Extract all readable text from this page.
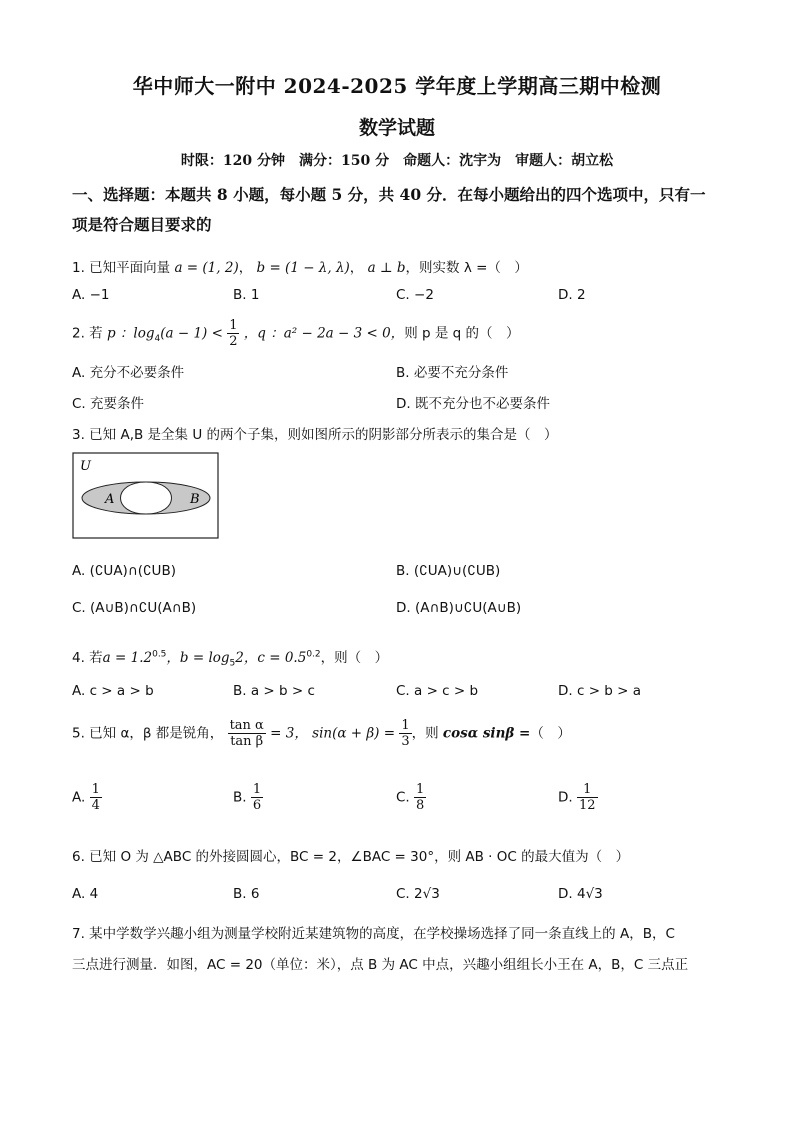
华中师大一附中 2024-2025 学年度上学期高三期中检测
数学试题
时限：120 分钟　满分：150 分　命题人：沈宇为　审题人：胡立松
一、选择题：本题共 8 小题，每小题 5 分，共 40 分．在每小题给出的四个选项中，只有一
项是符合题目要求的
1. 已知平面向量 a = (1, 2)， b = (1 − λ, λ)， a ⊥ b，则实数 λ =（　）
A. −1	B. 1	C. −2	D. 2
2. 若 p ：$\log_4(a - 1) < \frac{1}{2}$ ，q ：a² − 2a − 3 < 0，则 p 是 q 的（　）
A. 充分不必要条件	B. 必要不充分条件
C. 充要条件	D. 既不充分也不必要条件
3. 已知 A,B 是全集 U 的两个子集，则如图所示的阴影部分所表示的集合是（　）
U
A	B
A. (∁UA)∩(∁UB)	B. (∁UA)∪(∁UB)
C. (A∪B)∩∁U(A∩B)	D. (A∩B)∪∁U(A∪B)
4. 若$a = 1.2^{0.5}$，$b = \log_52$，$c = 0.5^{0.2}$，则（　）
A. c > a > b	B. a > b > c	C. a > c > b	D. c > b > a
5. 已知 α，β 都是锐角， $\frac{\text{tan α}}{\text{tan β}} = 3$， $\sin(\alpha + \beta) = \frac{1}{3}$ ，则 cosα sinβ =（　）
A. $\frac{1}{4}$	B. $\frac{1}{6}$	C. $\frac{1}{8}$	D. $\frac{1}{12}$
6. 已知 O 为 △ABC 的外接圆圆心，BC = 2，∠BAC = 30°，则 AB · OC 的最大值为（　）
A. 4	B. 6	C. 2√3	D. 4√3
7. 某中学数学兴趣小组为测量学校附近某建筑物的高度，在学校操场选择了同一条直线上的 A，B，C
三点进行测量．如图，AC = 20（单位：米），点 B 为 AC 中点，兴趣小组组长小王在 A，B，C 三点正
